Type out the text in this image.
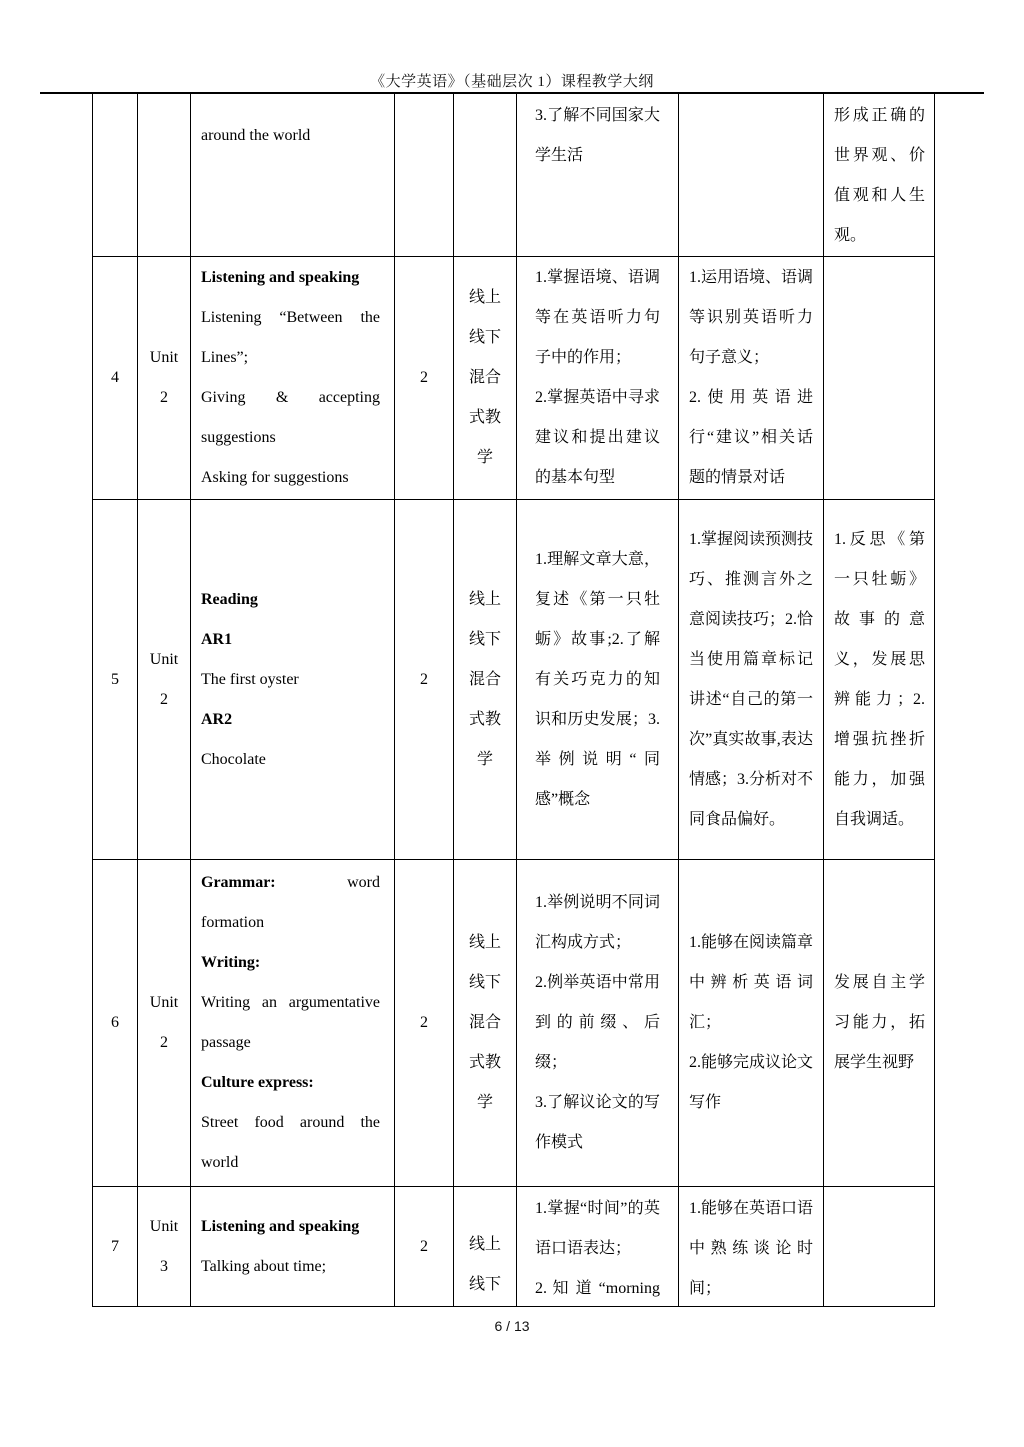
《大学英语》（基础层次 1）课程教学大纲
around the world
3.了解不同国家大学生活
形成正确的世界观、价值观和人生观。
4
Unit
2
Listening and speaking
Listening “Between the Lines”;
Giving & accepting suggestions
Asking for suggestions
2
线上
线下
混合
式教
学
1.掌握语境、语调等在英语听力句子中的作用；
2.掌握英语中寻求建议和提出建议的基本句型
1.运用语境、语调等识别英语听力句子意义；
2.使用英语进行“建议”相关话题的情景对话
5
Unit
2
Reading
AR1
The first oyster
AR2
Chocolate
2
线上
线下
混合
式教
学
1.理解文章大意，复述《第一只牡蛎》故事;2.了解有关巧克力的知识和历史发展；3.举例说明“同感”概念
1.掌握阅读预测技巧、推测言外之意阅读技巧；2.恰当使用篇章标记讲述“自己的第一次”真实故事,表达情感；3.分析对不同食品偏好。
1.反思《第一只牡蛎》故事的意义，发展思辨能力；2.增强抗挫折能力，加强自我调适。
6
Unit
2
Grammar: word
formation
Writing:
Writing an argumentative passage
Culture express:
Street food around the world
2
线上
线下
混合
式教
学
1.举例说明不同词汇构成方式；
2.例举英语中常用到的前缀、后缀；
3.了解议论文的写作模式
1.能够在阅读篇章中辨析英语词汇；
2.能够完成议论文写作
发展自主学习能力，拓展学生视野
7
Unit
3
Listening and speaking
Talking about time;
2	线上
线下
1.掌握“时间”的英语口语表达；
2. 知 道 “morning
1.能够在英语口语中熟练谈论时间；
6 / 13
